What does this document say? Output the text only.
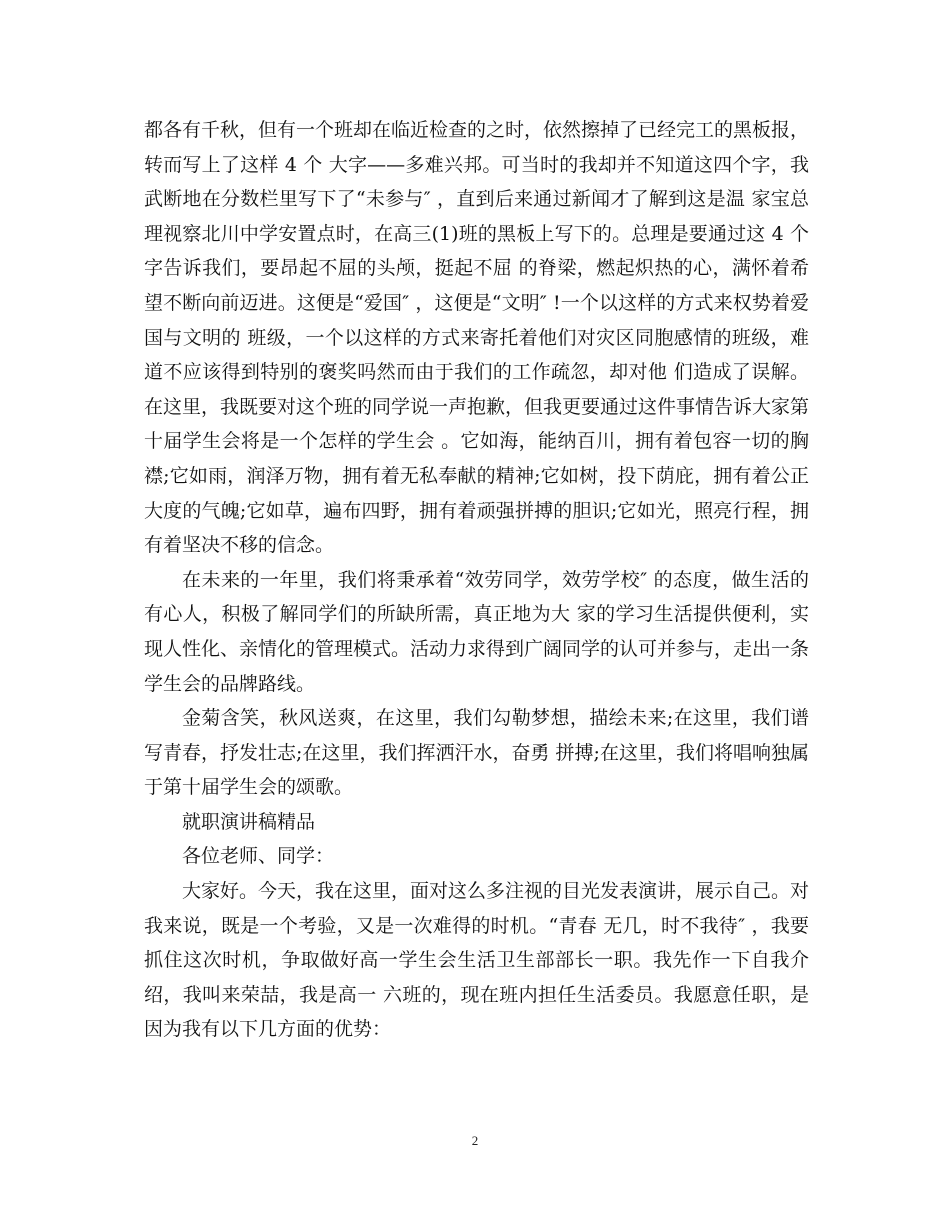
都各有千秋，但有一个班却在临近检查的之时，依然擦掉了已经完工的黑板报，转而写上了这样 4 个 大字——多难兴邦。可当时的我却并不知道这四个字，我武断地在分数栏里写下了“未参与″ ，直到后来通过新闻才了解到这是温 家宝总理视察北川中学安置点时，在高三(1)班的黑板上写下的。总理是要通过这 4 个字告诉我们，要昂起不屈的头颅，挺起不屈 的脊梁，燃起炽热的心，满怀着希望不断向前迈进。这便是“爱国″ ，这便是“文明″ !一个以这样的方式来权势着爱国与文明的 班级，一个以这样的方式来寄托着他们对灾区同胞感情的班级，难道不应该得到特别的褒奖吗然而由于我们的工作疏忽，却对他 们造成了误解。在这里，我既要对这个班的同学说一声抱歉，但我更要通过这件事情告诉大家第十届学生会将是一个怎样的学生会 。它如海，能纳百川，拥有着包容一切的胸襟;它如雨，润泽万物，拥有着无私奉献的精神;它如树，投下荫庇，拥有着公正大度的气魄;它如草，遍布四野，拥有着顽强拼搏的胆识;它如光，照亮行程，拥有着坚决不移的信念。

在未来的一年里，我们将秉承着“效劳同学，效劳学校″ 的态度，做生活的有心人，积极了解同学们的所缺所需，真正地为大 家的学习生活提供便利，实现人性化、亲情化的管理模式。活动力求得到广阔同学的认可并参与，走出一条学生会的品牌路线。

金菊含笑，秋风送爽，在这里，我们勾勒梦想，描绘未来;在这里，我们谱写青春，抒发壮志;在这里，我们挥洒汗水，奋勇 拼搏;在这里，我们将唱响独属于第十届学生会的颂歌。

就职演讲稿精品

各位老师、同学：

大家好。今天，我在这里，面对这么多注视的目光发表演讲，展示自己。对我来说，既是一个考验，又是一次难得的时机。“青春 无几，时不我待″ ，我要抓住这次时机，争取做好高一学生会生活卫生部部长一职。我先作一下自我介绍，我叫来荣喆，我是高一 六班的，现在班内担任生活委员。我愿意任职，是因为我有以下几方面的优势：

2
